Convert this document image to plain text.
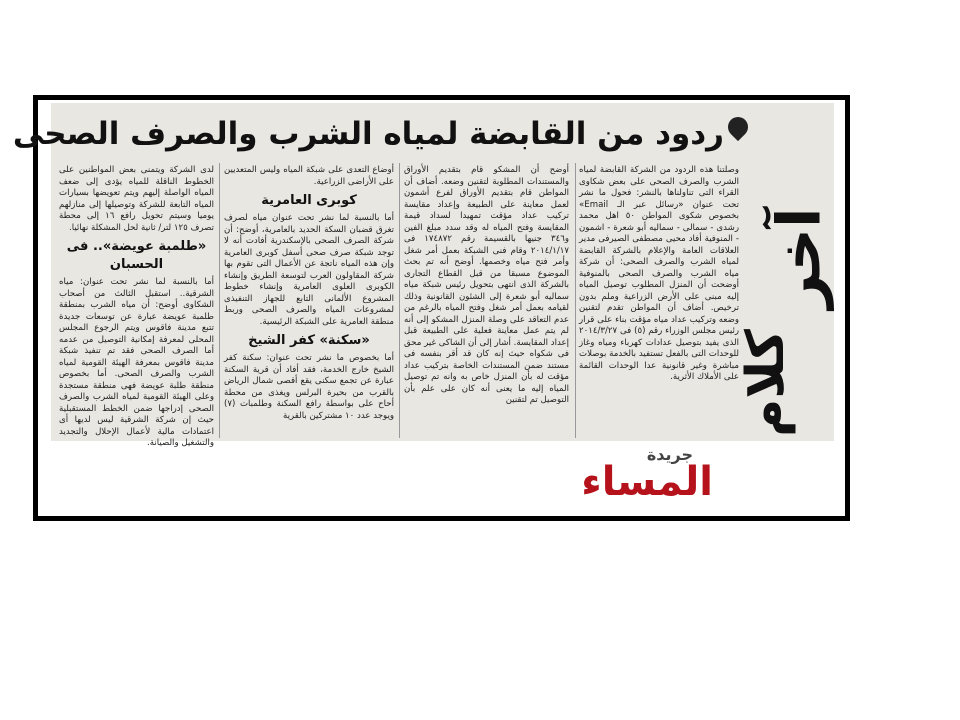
ردود من القابضة لمياه الشرب والصرف الصحى
آخر
كلام
وصلتنا هذه الردود من الشركة القابضة لمياه الشرب والصرف الصحى على بعض شكاوى القراء التى تناولناها بالنشر: فحول ما نشر تحت عنوان «رسائل عبر الـ Email» بخصوص شكوى المواطن ٥٠ اهل محمد رشدى - سمالى - سماليه أبو شعرة - اشمون - المنوفية أفاد محيى مصطفى الصيرفى مدير العلاقات العامة والإعلام بالشركة القابضة لمياه الشرب والصرف الصحى: أن شركة مياه الشرب والصرف الصحى بالمنوفية أوضحت أن المنزل المطلوب توصيل المياه إليه مبنى على الأرض الزراعية وملم بدون ترخيص. أضاف أن المواطن تقدم لتقنين وضعه وتركيب عداد مياه مؤقت بناء على قرار رئيس مجلس الوزراء رقم (٥) فى ٢٠١٤/٣/٢٧ الذى يفيد بتوصيل عدادات كهرباء ومياه وغاز للوحدات التى بالفعل تستفيد بالخدمة بوصلات مباشرة وغير قانونية عدا الوحدات القائمة على الأملاك الأثرية.
أوضح أن المشكو قام بتقديم الأوراق والمستندات المطلوبة لتقنين وضعه. أضاف أن المواطن قام بتقديم الأوراق لفرع أشمون لعمل معاينة على الطبيعة وإعداد مقايسة تركيب عداد مؤقت تمهيدا لسداد قيمة المقايسة وفتح المياه له وقد سدد مبلغ الفين و٣٤٦ جنيها بالقسيمة رقم ١٧٤٨٧٢ فى ٢٠١٤/١/١٧ وقام فنى الشبكة بعمل أمر شغل وأمر فتح مياه وخصمها. أوضح أنه تم بحث الموضوع مسبقا من قبل القطاع التجارى بالشركة الذى انتهى بتحويل رئيس شبكة مياه سماليه أبو شعرة إلى الشئون القانونية وذلك لقيامه بعمل أمر شغل وفتح المياه بالرغم من عدم التعاقد على وصلة المنزل المشكو إلى أنه لم يتم عمل معاينة فعلية على الطبيعة قبل إعداد المقايسة. أشار إلى أن الشاكى غير محق فى شكواه حيث إنه كان قد أقر بنفسه فى مستند ضمن المستندات الخاصة بتركيب عداد مؤقت له بأن المنزل خاص به وانه تم توصيل المياه إليه ما يعنى أنه كان على علم بأن التوصيل تم لتقنين
أوضاع التعدى على شبكة المياه وليس المتعديين على الأراضى الزراعية.
كوبرى العامرية
أما بالنسبة لما نشر تحت عنوان مياه لصرف تغرق قضبان السكة الحديد بالعامرية، أوضح: أن شركة الصرف الصحى بالإسكندرية أفادت أنه لا توجد شبكة صرف صحى أسفل كوبرى العامرية وإن هذه المياه ناتجة عن الأعمال التى تقوم بها شركة المقاولون العرب لتوسعة الطريق وإنشاء الكوبرى العلوى العامرية وإنشاء خطوط المشروع الألمانى التابع للجهاز التنفيذى لمشروعات المياه والصرف الصحى وربط منطقة العامرية على الشبكة الرئيسية.
«سكنة» كفر الشيخ
أما بخصوص ما نشر تحت عنوان: سكنة كفر الشيخ خارج الخدمة، فقد أفاد أن قرية السكنة عبارة عن تجمع سكنى يقع أقصى شمال الرياض بالقرب من بحيرة البرلس ويغذى من محطة أحاح على بواسطة رافع السكنة وطلمبات (٧) ويوجد عدد ١٠ مشتركين بالقرية
لدى الشركة ويتمنى بعض المواطنين على الخطوط الناقلة للمياه يؤدى إلى ضعف المياه الواصلة إليهم ويتم تعويضها بسيارات المياه التابعة للشركة وتوصيلها إلى منازلهم يوميا وسيتم تحويل رافع ١٦ إلى محطة تصرف ١٢٥ لتر/ ثانية لحل المشكلة نهائيا.
«طلمبة عويضة».. فى الحسبان
أما بالنسبة لما نشر تحت عنوان: مياه الشرقية.. استقبل الثالث من أصحاب الشكاوى أوضح: أن مياه الشرب بمنطقة طلمبة عويضة عبارة عن توسعات جديدة تتبع مدينة فاقوس ويتم الرجوع المجلس المحلى لمعرفة إمكانية التوصيل من عدمه أما الصرف الصحى فقد تم تنفيذ شبكة مدينة فاقوس بمعرفة الهيئة القومية لمياه الشرب والصرف الصحى. أما بخصوص منطقة طلبة عويضة فهى منطقة مستجدة وعلى الهيئة القومية لمياه الشرب والصرف الصحى إدراجها ضمن الخطط المستقبلية حيث إن شركة الشرقية ليس لديها أى اعتمادات مالية لأعمال الإحلال والتجديد والتشغيل والصيانة.
جريدة
المساء
